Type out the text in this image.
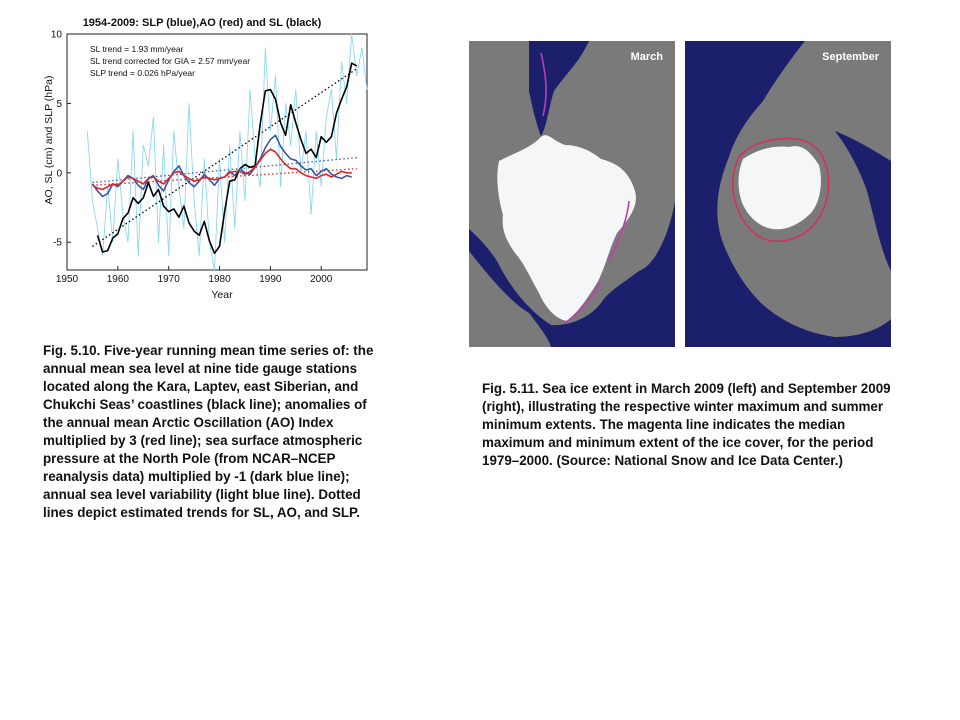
1954-2009: SLP (blue),AO (red) and SL (black)
AO, SL (cm) and SLP (hPa)
Year
SL trend = 1.93 mm/year
SL trend corrected for GIA = 2.57 mm/year
SLP trend = 0.026 hPa/year
1950	1960	1970	1980	1990	2000
-5
0
5
10
Fig. 5.10. Five-year running mean time series of: the annual mean sea level at nine tide gauge stations located along the Kara, Laptev, east Siberian, and Chukchi Seas’ coastlines (black line); anomalies of the annual mean Arctic Oscillation (AO) Index multiplied by 3 (red line); sea surface atmospheric pressure at the North Pole (from NCAR–NCEP reanalysis data) multiplied by -1 (dark blue line); annual sea level variability (light blue line). Dotted lines depict estimated trends for SL, AO, and SLP.
March	September
Fig. 5.11. Sea ice extent in March 2009 (left) and September 2009 (right), illustrating the respective winter maximum and summer minimum extents. The magenta line indicates the median maximum and minimum extent of the ice cover, for the period 1979–2000. (Source: National Snow and Ice Data Center.)
